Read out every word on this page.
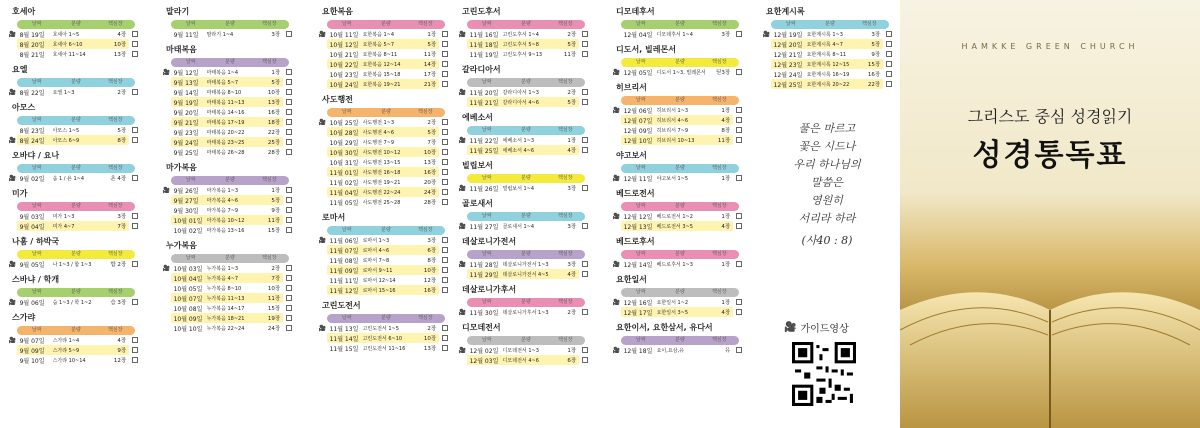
호세아
날짜	분량	핵심장
🎥 8월 19일	호세아 1~5	4장
8월 20일	호세아 6~10	10장
8월 21일	호세아 11~14	13장
요엘
날짜	분량	핵심장
🎥 8월 22일	요엘 1~3	2장
아모스
날짜	분량	핵심장
8월 23일	아모스 1~5	5장
🎥 8월 24일	아모스 6~9	8장
오바댜 / 요나
날짜	분량	핵심장
🎥 9월 02일	옵 1 / 욘 1~4	욘 4장
미가
날짜	분량	핵심장
9월 03일	미가 1~3	3장
9월 04일	미가 4~7	7장
나훔 / 하박국
날짜	분량	핵심장
🎥 9월 05일	나 1~3 / 합 1~3	합 2장
스바냐 / 학개
날짜	분량	핵심장
🎥 9월 06일	습 1~3 / 학 1~2	습 3장
스가랴
날짜	분량	핵심장
🎥 9월 07일	스가랴 1~4	4장
9월 09일	스가랴 5~9	9장
9월 10일	스가랴 10~14	12장
말라기
날짜	분량	핵심장
9월 11일	말라기 1~4	3장
마태복음
날짜	분량	핵심장
🎥 9월 12일	마태복음 1~4	1장
9월 13일	마태복음 5~7	5장
9월 14일	마태복음 8~10	10장
9월 19일	마태복음 11~13	13장
9월 20일	마태복음 14~16	16장
9월 21일	마태복음 17~19	18장
9월 23일	마태복음 20~22	22장
9월 24일	마태복음 23~25	25장
9월 25일	마태복음 26~28	28장
마가복음
날짜	분량	핵심장
🎥 9월 26일	마가복음 1~3	1장
9월 27일	마가복음 4~6	5장
9월 30일	마가복음 7~9	9장
10월 01일 마가복음 10~12	11장
10월 02일 마가복음 13~16	15장
누가복음
날짜	분량	핵심장
🎥 10월 03일 누가복음 1~3	2장
10월 04일 누가복음 4~7	7장
10월 05일 누가복음 8~10	10장
10월 07일 누가복음 11~13	11장
10월 08일 누가복음 14~17	15장
10월 09일 누가복음 18~21	19장
10월 10일 누가복음 22~24	24장
요한복음
날짜	분량	핵심장
🎥 10월 11일 요한복음 1~4	1장
10월 12일 요한복음 5~7	5장
10월 21일 요한복음 8~11	11장
10월 22일 요한복음 12~14	14장
10월 23일 요한복음 15~18	17장
10월 24일 요한복음 19~21	21장
사도행전
날짜	분량	핵심장
🎥 10월 25일 사도행전 1~3	2장
10월 28일 사도행전 4~6	5장
10월 29일 사도행전 7~9	7장
10월 30일 사도행전 10~12	10장
10월 31일 사도행전 13~15	13장
11월 01일 사도행전 16~18	16장
11월 02일 사도행전 19~21	20장
11월 04일 사도행전 22~24	24장
11월 05일 사도행전 25~28	28장
로마서
날짜	분량	핵심장
🎥 11월 06일 로마서 1~3	3장
11월 07일 로마서 4~6	6장
11월 08일 로마서 7~8	8장
11월 09일 로마서 9~11	10장
11월 11일 로마서 12~14	12장
11월 12일 로마서 15~16	16장
고린도전서
날짜	분량	핵심장
🎥 11월 13일 고린도전서 1~5	2장
11월 14일 고린도전서 6~10	10장
11월 15일 고린도전서 11~16	13장
고린도후서
날짜	분량	핵심장
🎥 11월 16일 고린도후서 1~4	2장
11월 18일 고린도후서 5~8	5장
11월 19일 고린도후서 9~13	11장
갈라디아서
날짜	분량	핵심장
🎥 11월 20일 갈라디아서 1~3	2장
11월 21일 갈라디아서 4~6	5장
에베소서
날짜	분량	핵심장
🎥 11월 22일 에베소서 1~3	1장
11월 25일 에베소서 4~6	4장
빌립보서
날짜	분량	핵심장
🎥 11월 26일 빌립보서 1~4	3장
골로새서
날짜	분량	핵심장
🎥 11월 27일 골로새서 1~4	3장
데살로니가전서
날짜	분량	핵심장
🎥 11월 28일 데살로니가전서 1~3	3장
11월 29일 데살로니가전서 4~5	4장
데살로니가후서
날짜	분량	핵심장
🎥 11월 30일 데살로니가후서 1~3	2장
디모데전서
날짜	분량	핵심장
🎥 12월 02일 디모데전서 1~3	1장
12월 03일 디모데전서 4~6	6장
디모데후서
날짜	분량	핵심장
12월 04일 디모데후서 1~4	3장
디도서, 빌레몬서
날짜	분량	핵심장
🎥 12월 05일 디도서 1~3, 빌레몬서	딛3장
히브리서
날짜	분량	핵심장
🎥 12월 06일 히브리서 1~3	1장
12월 07일 히브리서 4~6	4장
12월 09일 히브리서 7~9	8장
12월 10일 히브리서 10~13	11장
야고보서
날짜	분량	핵심장
🎥 12월 11일 야고보서 1~5	1장
베드로전서
날짜	분량	핵심장
🎥 12월 12일 베드로전서 1~2	1장
12월 13일 베드로전서 3~5	4장
베드로후서
날짜	분량	핵심장
🎥 12월 14일 베드로후서 1~3	1장
요한일서
날짜	분량	핵심장
🎥 12월 16일 요한일서 1~2	1장
12월 17일 요한일서 3~5	4장
요한이서, 요한삼서, 유다서
날짜	분량	핵심장
🎥 12월 18일 요이,요삼,유	유
요한계시록
날짜	분량	핵심장
🎥 12월 19일 요한계시록 1~3	3장
12월 20일 요한계시록 4~7	5장
12월 21일 요한계시록 8~11	9장
12월 23일 요한계시록 12~15	15장
12월 24일 요한계시록 16~19	16장
12월 25일 요한계시록 20~22	22장
풀은 마르고
꽃은 시드나
우리 하나님의
말씀은
영원히
서리라 하라
(사40 : 8)
🎥 가이드영상
HAMKKE GREEN CHURCH
그리스도 중심 성경읽기
성경통독표
